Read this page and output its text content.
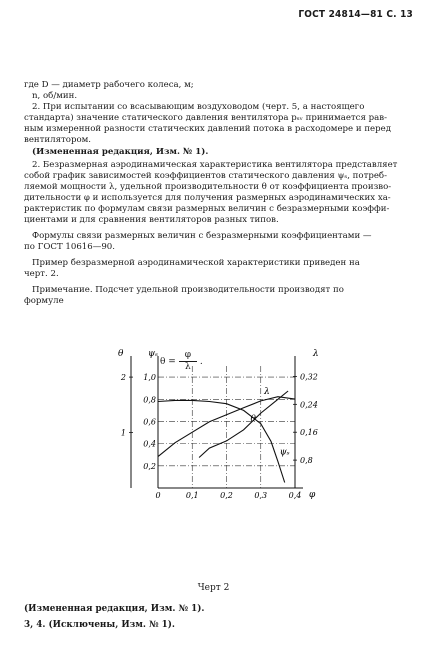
ГОСТ 24814—81 С. 13
где D — диаметр рабочего колеса, м;
n, об/мин.
2. При испытании со всасывающим воздуховодом (черт. 5, а настоящего
стандарта) значение статического давления вентилятора pₛᵥ принимается рав-
ным измеренной разности статических давлений потока в расходомере и перед
вентилятором.
(Измененная редакция, Изм. № 1).
2. Безразмерная аэродинамическая характеристика вентилятора представляет
собой график зависимостей коэффициентов статического давления ψₛ, потреб-
ляемой мощности λ, удельной производительности θ от коэффициента произво-
дительности φ и используется для получения размерных аэродинамических ха-
рактеристик по формулам связи размерных величин с безразмерными коэффи-
циентами и для сравнения вентиляторов разных типов.
Формулы связи размерных величин с безразмерными коэффициентами —
по ГОСТ 10616—90.
Пример безразмерной аэродинамической характеристики приведен на
черт. 2.
Примечание. Подсчет удельной производительности производят по
формуле
$\theta = \frac{\varphi}{\lambda}$ .
0,2
0,4
0,6
0,8
1,0
1
2
0,8
0,16
0,24
0,32
0	0,1	0,2	0,3	0,4
θ	ψₛ	λ
φ
λ
θ
ψₛ
Черт 2
(Измененная редакция, Изм. № 1).
3, 4. (Исключены, Изм. № 1).
